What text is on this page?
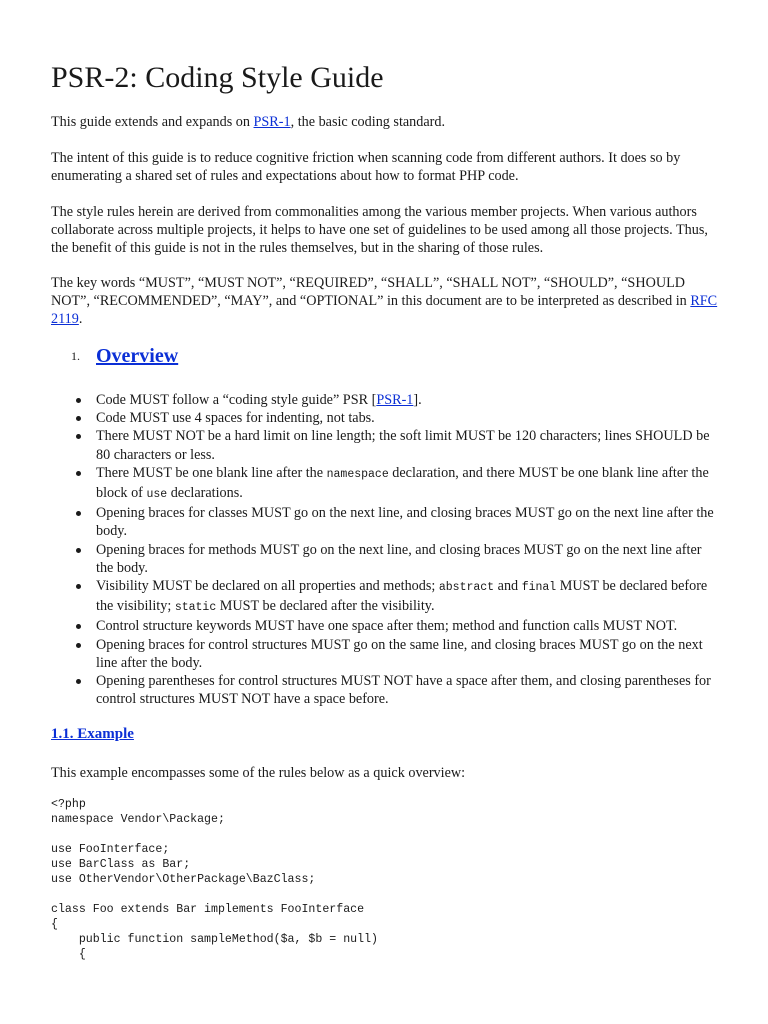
PSR-2: Coding Style Guide

This guide extends and expands on PSR-1, the basic coding standard.

The intent of this guide is to reduce cognitive friction when scanning code from different authors. It does so by enumerating a shared set of rules and expectations about how to format PHP code.

The style rules herein are derived from commonalities among the various member projects. When various authors collaborate across multiple projects, it helps to have one set of guidelines to be used among all those projects. Thus, the benefit of this guide is not in the rules themselves, but in the sharing of those rules.

The key words “MUST”, “MUST NOT”, “REQUIRED”, “SHALL”, “SHALL NOT”, “SHOULD”, “SHOULD NOT”, “RECOMMENDED”, “MAY”, and “OPTIONAL” in this document are to be interpreted as described in RFC 2119.

1. Overview
Code MUST follow a “coding style guide” PSR [PSR-1].
Code MUST use 4 spaces for indenting, not tabs.
There MUST NOT be a hard limit on line length; the soft limit MUST be 120 characters; lines SHOULD be 80 characters or less.
There MUST be one blank line after the namespace declaration, and there MUST be one blank line after the block of use declarations.
Opening braces for classes MUST go on the next line, and closing braces MUST go on the next line after the body.
Opening braces for methods MUST go on the next line, and closing braces MUST go on the next line after the body.
Visibility MUST be declared on all properties and methods; abstract and final MUST be declared before the visibility; static MUST be declared after the visibility.
Control structure keywords MUST have one space after them; method and function calls MUST NOT.
Opening braces for control structures MUST go on the same line, and closing braces MUST go on the next line after the body.
Opening parentheses for control structures MUST NOT have a space after them, and closing parentheses for control structures MUST NOT have a space before.
1.1. Example

This example encompasses some of the rules below as a quick overview:

<?php
namespace Vendor\Package;

use FooInterface;
use BarClass as Bar;
use OtherVendor\OtherPackage\BazClass;

class Foo extends Bar implements FooInterface
{
public function sampleMethod($a, $b = null)
{
